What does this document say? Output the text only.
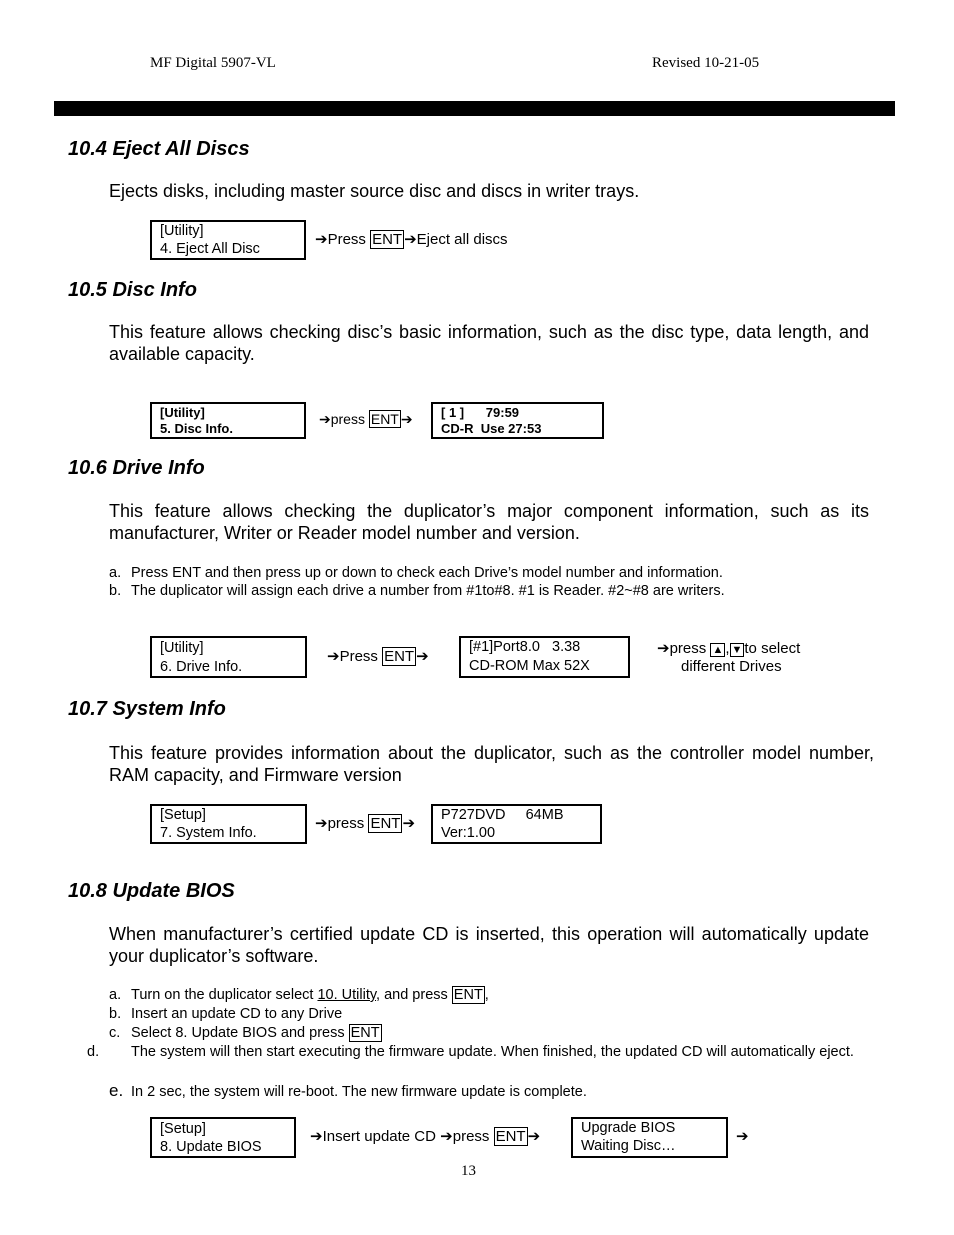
MF Digital 5907-VL	Revised 10-21-05
10.4 Eject All Discs
Ejects disks, including master source disc and discs in writer trays.
[Utility]
4. Eject All Disc
➔Press ENT ➔Eject all discs
10.5 Disc Info
This feature allows checking disc’s basic information, such as the disc type, data length, and available capacity.
[Utility]
5. Disc Info.
➔press ENT ➔ [ 1 ]      79:59
CD-R  Use 27:53
10.6 Drive Info
This feature allows checking the duplicator’s major component information, such as its manufacturer, Writer or Reader model number and version.
a. Press ENT and then press up or down to check each Drive’s model number and information.
b. The duplicator will assign each drive a number from #1to#8. #1 is Reader. #2~#8 are writers.
[Utility]
6. Drive Info.
➔Press ENT ➔
[#1]Port8.0   3.38
CD-ROM Max 52X
➔press ▲ , ▼ to select
different Drives
10.7 System Info
This feature provides information about the duplicator, such as the controller model number, RAM capacity, and Firmware version
[Setup]
7. System Info.
➔press ENT ➔ P727DVD     64MB
Ver:1.00
10.8 Update BIOS
When manufacturer’s certified update CD is inserted, this operation will automatically update your duplicator’s software.
a. Turn on the duplicator select 10. Utility, and press ENT ,
b. Insert an update CD to any Drive
c. Select 8. Update BIOS and press ENT
d. The system will then start executing the firmware update. When finished, the updated CD will automatically eject.
e. In 2 sec, the system will re-boot. The new firmware update is complete.
[Setup]
8. Update BIOS
➔Insert update CD ➔press ENT ➔	Upgrade BIOS
Waiting Disc…
➔
13
